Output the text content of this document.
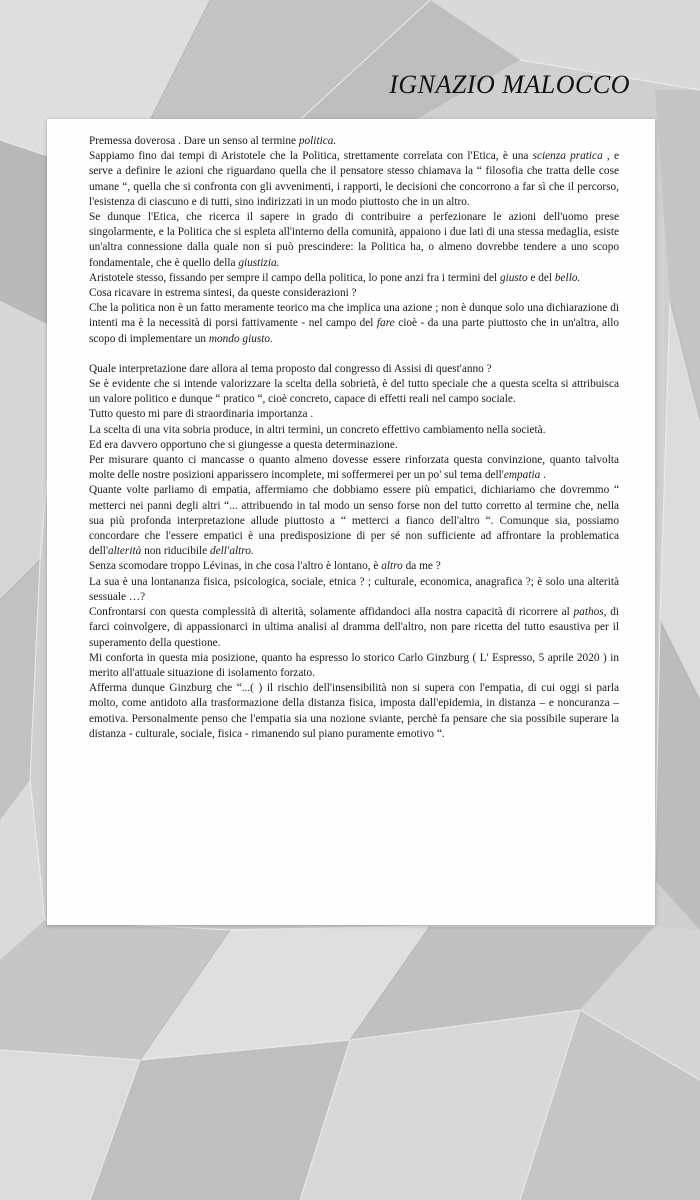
IGNAZIO MALOCCO

Premessa doverosa . Dare un senso al termine politica.

Sappiamo fino dai tempi di Aristotele che la Politica, strettamente correlata con l'Etica, è una scienza pratica , e serve a definire le azioni che riguardano quella che il pensatore stesso chiamava la “ filosofia che tratta delle cose umane “, quella che si confronta con gli avvenimenti, i rapporti, le decisioni che concorrono a far sì che il percorso, l'esistenza di ciascuno e di tutti, sino indirizzati in un modo piuttosto che in un altro.

Se dunque l'Etica, che ricerca il sapere in grado di contribuire a perfezionare le azioni dell'uomo prese singolarmente, e la Politica che si espleta all'interno della comunità, appaiono i due lati di una stessa medaglia, esiste un'altra connessione dalla quale non si può prescindere: la Politica ha, o almeno dovrebbe tendere a uno scopo fondamentale, che è quello della giustizia.

Aristotele stesso, fissando per sempre il campo della politica, lo pone anzi fra i termini del giusto e del bello.

Cosa ricavare in estrema sintesi, da queste considerazioni ?

Che la politica non è un fatto meramente teorico ma che implica una azione ; non è dunque solo una dichiarazione di intenti ma è la necessità di porsi fattivamente - nel campo del fare cioè - da una parte piuttosto che in un'altra, allo scopo di implementare un mondo giusto.

Quale interpretazione dare allora al tema proposto dal congresso di Assisi di quest'anno ?

Se è evidente che si intende valorizzare la scelta della sobrietà, è del tutto speciale che a questa scelta si attribuisca un valore politico e dunque “ pratico “, cioè concreto, capace di effetti reali nel campo sociale.

Tutto questo mi pare di straordinaria importanza .

La scelta di una vita sobria produce, in altri termini, un concreto effettivo cambiamento nella società.

Ed era davvero opportuno che si giungesse a questa determinazione.

Per misurare quanto ci mancasse o quanto almeno dovesse essere rinforzata questa convinzione, quanto talvolta molte delle nostre posizioni apparissero incomplete, mi soffermerei per un po' sul tema dell'empatia .

Quante volte parliamo di empatia, affermiamo che dobbiamo essere più empatici, dichiariamo che dovremmo “ metterci nei panni degli altri “... attribuendo in tal modo un senso forse non del tutto corretto al termine che, nella sua più profonda interpretazione allude piuttosto a “ metterci a fianco dell'altro “. Comunque sia, possiamo concordare che l'essere empatici è una predisposizione di per sé non sufficiente ad affrontare la problematica dell'alterità non riducibile dell'altro.

Senza scomodare troppo Lévinas, in che cosa l'altro è lontano, è altro da me ?

La sua è una lontananza fisica, psicologica, sociale, etnica ? ; culturale, economica, anagrafica ?; è solo una alterità sessuale …?

Confrontarsi con questa complessità di alterità, solamente affidandoci alla nostra capacità di ricorrere al pathos, di farci coinvolgere, di appassionarci in ultima analisi al dramma dell'altro, non pare ricetta del tutto esaustiva per il superamento della questione.

Mi conforta in questa mia posizione, quanto ha espresso lo storico Carlo Ginzburg ( L' Espresso, 5 aprile 2020 ) in merito all'attuale situazione di isolamento forzato.

Afferma dunque Ginzburg che “...( ) il rischio dell'insensibilità non si supera con l'empatia, di cui oggi si parla molto, come antidoto alla trasformazione della distanza fisica, imposta dall'epidemia, in distanza – e noncuranza – emotiva. Personalmente penso che l'empatia sia una nozione sviante, perchè fa pensare che sia possibile superare la distanza - culturale, sociale, fisica - rimanendo sul piano puramente emotivo “.
